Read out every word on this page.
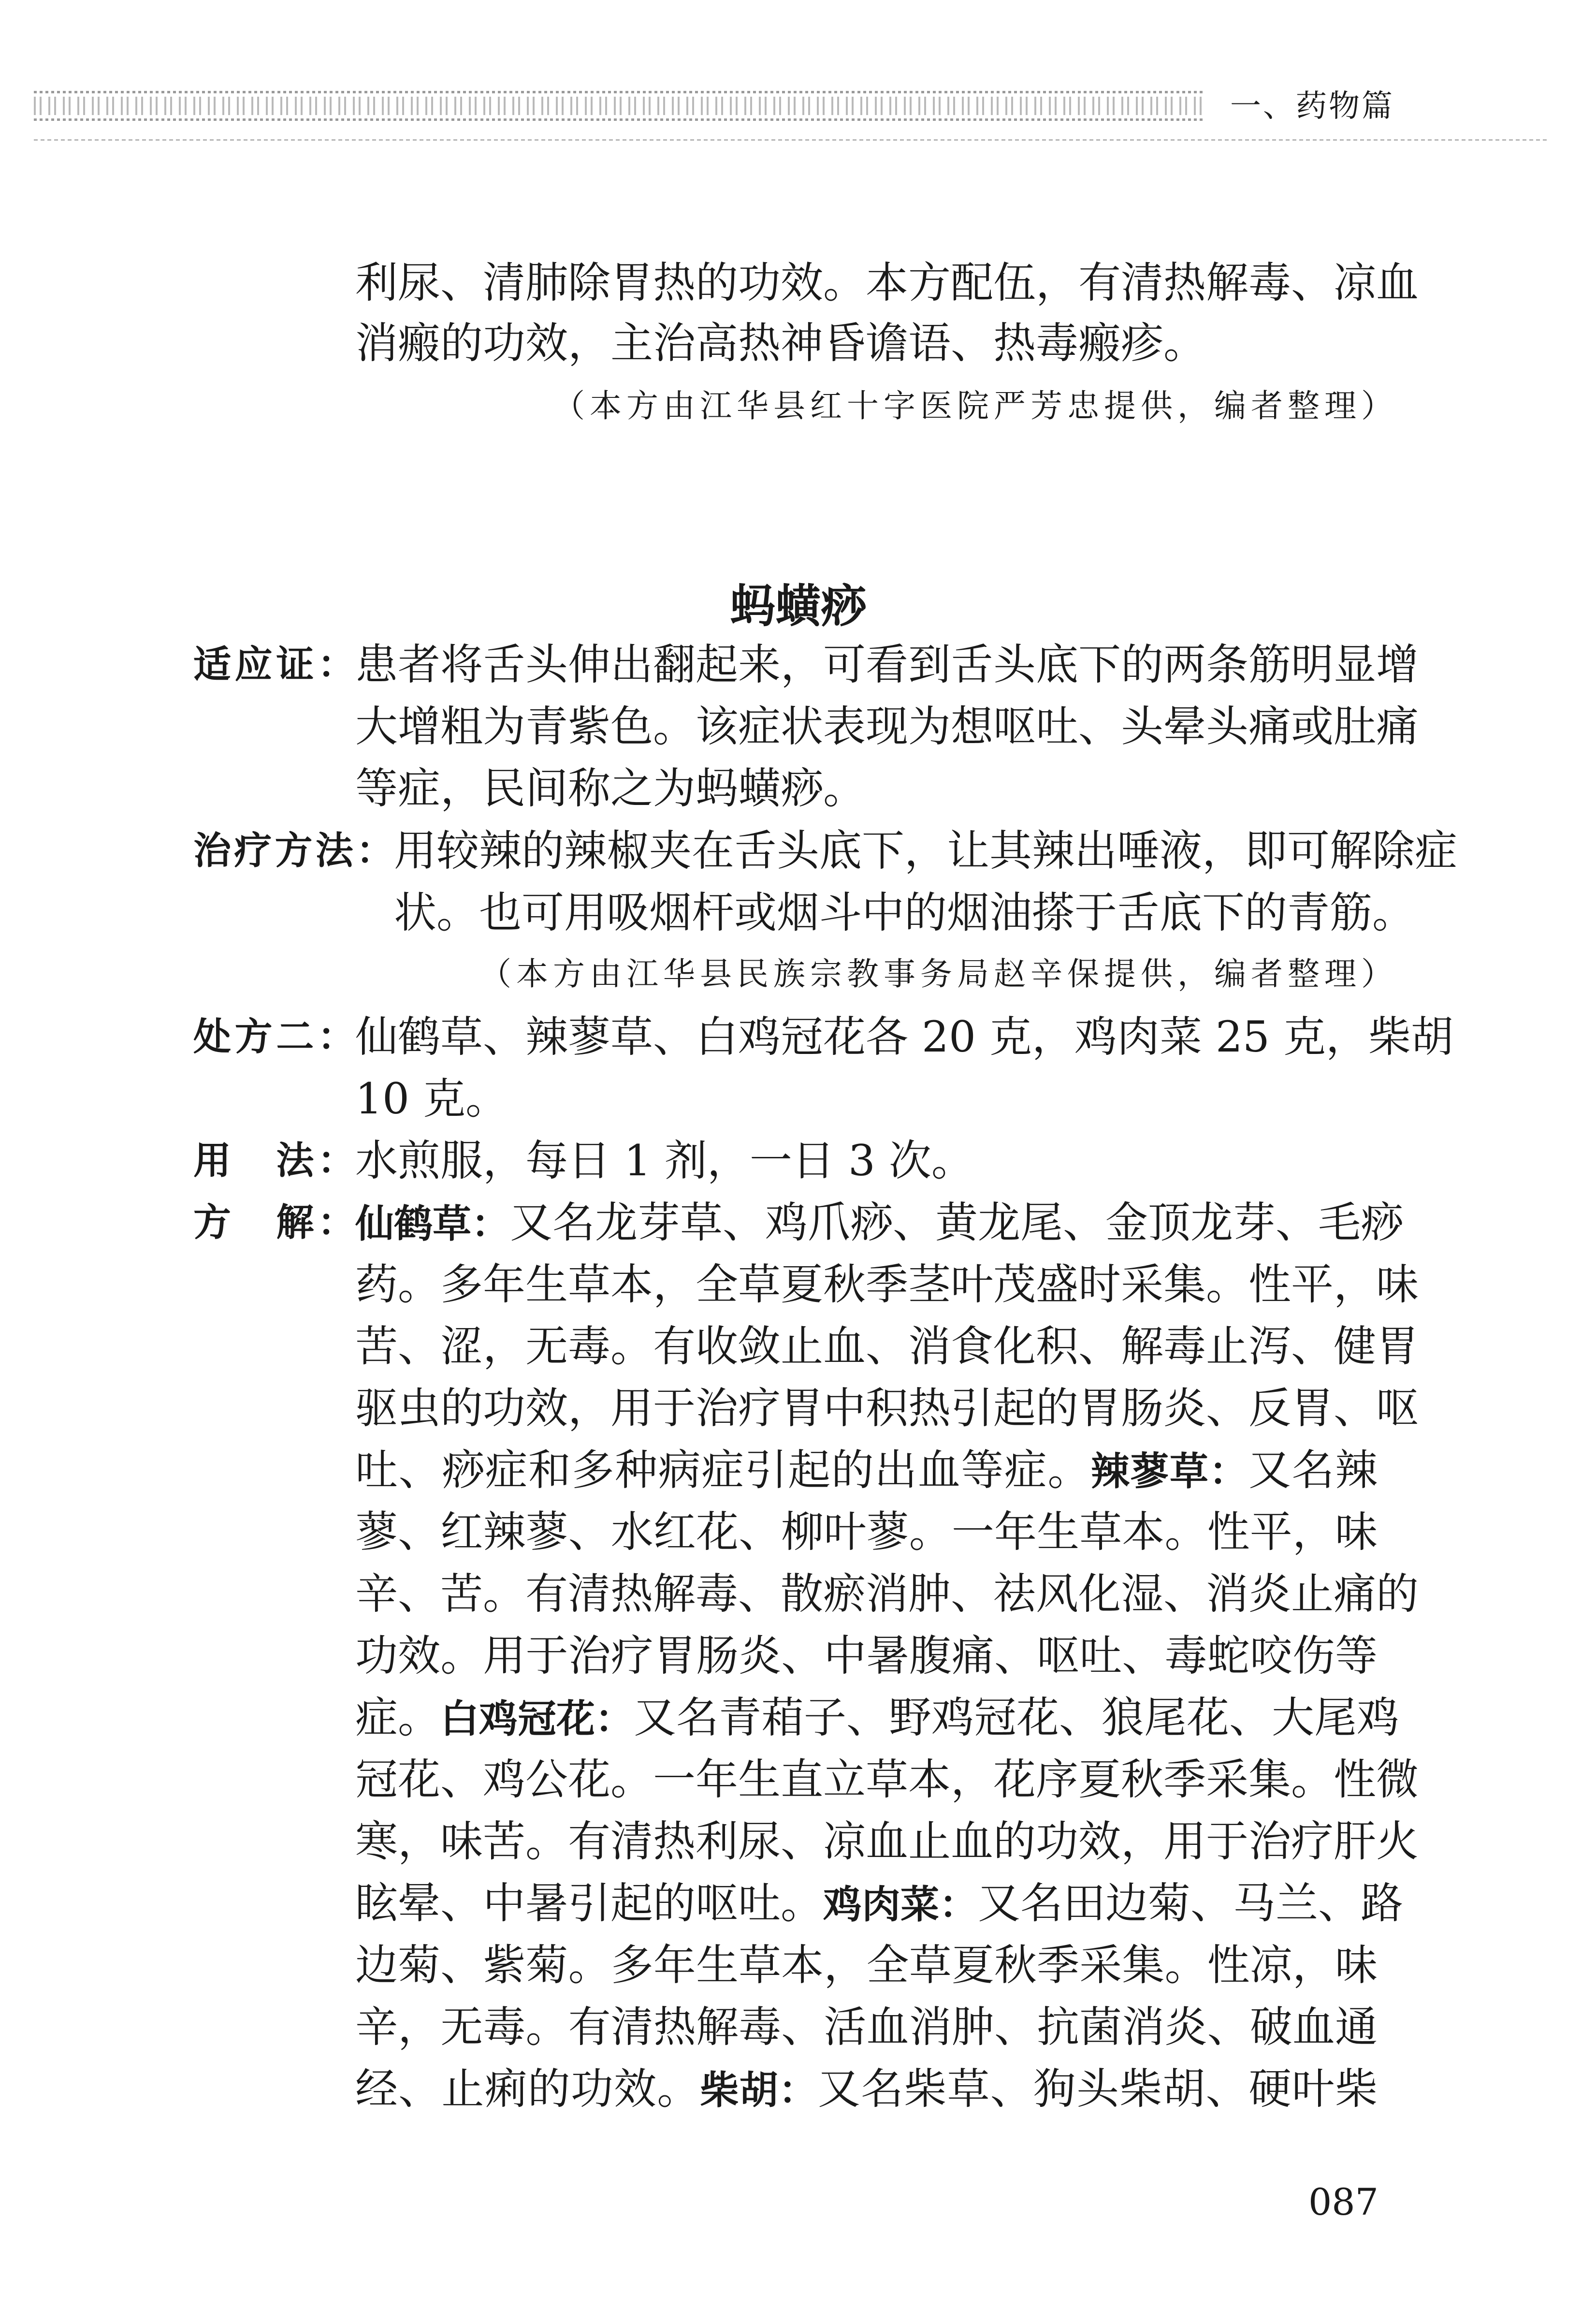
一、药物篇
利尿、清肺除胃热的功效。本方配伍，有清热解毒、凉血
消瘢的功效，主治高热神昏谵语、热毒瘢疹。
（本方由江华县红十字医院严芳忠提供，编者整理）
蚂蟥痧
适应证： 患者将舌头伸出翻起来，可看到舌头底下的两条筋明显增
大增粗为青紫色。该症状表现为想呕吐、头晕头痛或肚痛
等症，民间称之为蚂蟥痧。
治疗方法： 用较辣的辣椒夹在舌头底下，让其辣出唾液，即可解除症
状。也可用吸烟杆或烟斗中的烟油搽于舌底下的青筋。
（本方由江华县民族宗教事务局赵辛保提供，编者整理）
处方二： 仙鹤草、辣蓼草、白鸡冠花各 20 克，鸡肉菜 25 克，柴胡
10 克。
用　法： 水煎服，每日 1 剂，一日 3 次。
方　解： 仙鹤草：又名龙芽草、鸡爪痧、黄龙尾、金顶龙芽、毛痧
药。多年生草本，全草夏秋季茎叶茂盛时采集。性平，味
苦、涩，无毒。有收敛止血、消食化积、解毒止泻、健胃
驱虫的功效，用于治疗胃中积热引起的胃肠炎、反胃、呕
吐、痧症和多种病症引起的出血等症。辣蓼草：又名辣
蓼、红辣蓼、水红花、柳叶蓼。一年生草本。性平，味
辛、苦。有清热解毒、散瘀消肿、祛风化湿、消炎止痛的
功效。用于治疗胃肠炎、中暑腹痛、呕吐、毒蛇咬伤等
症。白鸡冠花：又名青葙子、野鸡冠花、狼尾花、大尾鸡
冠花、鸡公花。一年生直立草本，花序夏秋季采集。性微
寒，味苦。有清热利尿、凉血止血的功效，用于治疗肝火
眩晕、中暑引起的呕吐。鸡肉菜：又名田边菊、马兰、路
边菊、紫菊。多年生草本，全草夏秋季采集。性凉，味
辛，无毒。有清热解毒、活血消肿、抗菌消炎、破血通
经、止痢的功效。柴胡：又名柴草、狗头柴胡、硬叶柴
087
